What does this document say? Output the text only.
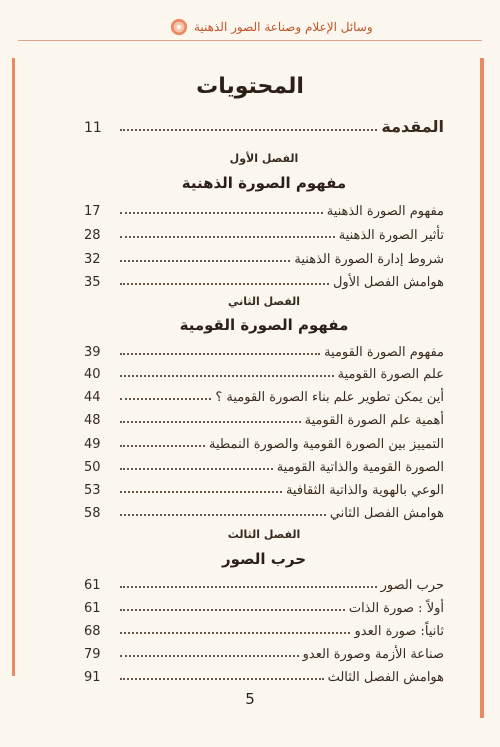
وسائل الإعلام وصناعة الصور الذهنية
المحتويات
المقدمة
11
الفصل الأول
مفهوم الصورة الذهنية
مفهوم الصورة الذهنية
17
تأثير الصورة الذهنية
28
شروط إدارة الصورة الذهنية
32
هوامش الفصل الأول
35
الفصل الثاني
مفهوم الصورة القومية
مفهوم الصورة القومية
39
علم الصورة القومية
40
أين يمكن تطوير علم بناء الصورة القومية ؟
44
أهمية علم الصورة القومية
48
التمييز بين الصورة القومية والصورة النمطية
49
الصورة القومية والذاتية القومية
50
الوعي بالهوية والذاتية الثقافية
53
هوامش الفصل الثاني
58
الفصل الثالث
حرب الصور
حرب الصور
61
أولاً : صورة الذات
61
ثانياً: صورة العدو
68
صناعة الأزمة وصورة العدو
79
هوامش الفصل الثالث
91
5
